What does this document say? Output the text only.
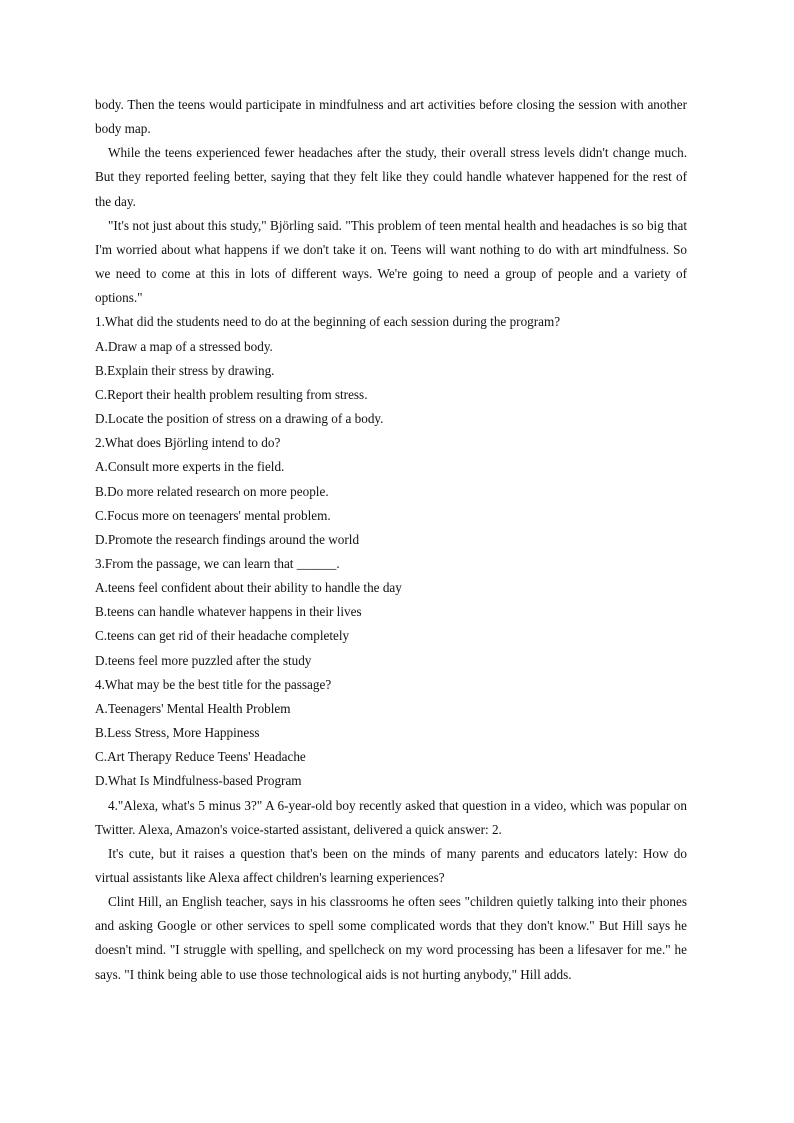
body. Then the teens would participate in mindfulness and art activities before closing the session with another body map.

While the teens experienced fewer headaches after the study, their overall stress levels didn't change much. But they reported feeling better, saying that they felt like they could handle whatever happened for the rest of the day.

"It's not just about this study," Björling said. "This problem of teen mental health and headaches is so big that I'm worried about what happens if we don't take it on. Teens will want nothing to do with art mindfulness. So we need to come at this in lots of different ways. We're going to need a group of people and a variety of options."

1.What did the students need to do at the beginning of each session during the program?

A.Draw a map of a stressed body.

B.Explain their stress by drawing.

C.Report their health problem resulting from stress.

D.Locate the position of stress on a drawing of a body.

2.What does Björling intend to do?

A.Consult more experts in the field.

B.Do more related research on more people.

C.Focus more on teenagers' mental problem.

D.Promote the research findings around the world

3.From the passage, we can learn that ______.

A.teens feel confident about their ability to handle the day

B.teens can handle whatever happens in their lives

C.teens can get rid of their headache completely

D.teens feel more puzzled after the study

4.What may be the best title for the passage?

A.Teenagers' Mental Health Problem

B.Less Stress, More Happiness

C.Art Therapy Reduce Teens' Headache

D.What Is Mindfulness-based Program

4."Alexa, what's 5 minus 3?" A 6-year-old boy recently asked that question in a video, which was popular on Twitter. Alexa, Amazon's voice-started assistant, delivered a quick answer: 2.

It's cute, but it raises a question that's been on the minds of many parents and educators lately: How do virtual assistants like Alexa affect children's learning experiences?

Clint Hill, an English teacher, says in his classrooms he often sees "children quietly talking into their phones and asking Google or other services to spell some complicated words that they don't know." But Hill says he doesn't mind. "I struggle with spelling, and spellcheck on my word processing has been a lifesaver for me." he says. "I think being able to use those technological aids is not hurting anybody," Hill adds.
